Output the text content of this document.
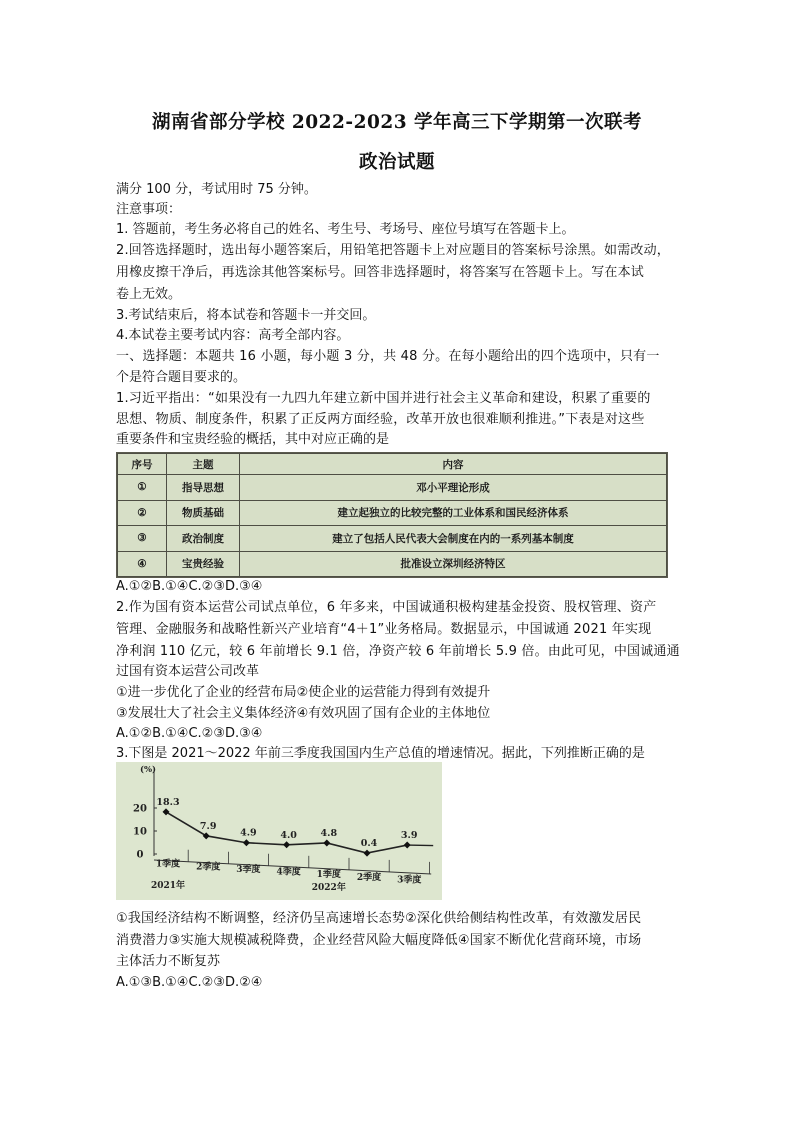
湖南省部分学校 2022-2023 学年高三下学期第一次联考
政治试题
满分 100 分，考试用时 75 分钟。
注意事项：
1. 答题前，考生务必将自己的姓名、考生号、考场号、座位号填写在答题卡上。
2.回答选择题时，选出每小题答案后，用铅笔把答题卡上对应题目的答案标号涂黑。如需改动，
用橡皮擦干净后，再选涂其他答案标号。回答非选择题时，将答案写在答题卡上。写在本试
卷上无效。
3.考试结束后，将本试卷和答题卡一并交回。
4.本试卷主要考试内容：高考全部内容。
一、选择题：本题共 16 小题，每小题 3 分，共 48 分。在每小题给出的四个选项中，只有一
个是符合题目要求的。
1.习近平指出：“如果没有一九四九年建立新中国并进行社会主义革命和建设，积累了重要的
思想、物质、制度条件，积累了正反两方面经验，改革开放也很难顺利推进。”下表是对这些
重要条件和宝贵经验的概括，其中对应正确的是
序号	主题	内容
①	指导思想	邓小平理论形成
②	物质基础	建立起独立的比较完整的工业体系和国民经济体系
③	政治制度	建立了包括人民代表大会制度在内的一系列基本制度
④	宝贵经验	批准设立深圳经济特区
A.①②B.①④C.②③D.③④
2.作为国有资本运营公司试点单位，6 年多来，中国诚通积极构建基金投资、股权管理、资产
管理、金融服务和战略性新兴产业培育“4＋1”业务格局。数据显示，中国诚通 2021 年实现
净利润 110 亿元，较 6 年前增长 9.1 倍，净资产较 6 年前增长 5.9 倍。由此可见，中国诚通通
过国有资本运营公司改革
①进一步优化了企业的经营布局②使企业的运营能力得到有效提升
③发展壮大了社会主义集体经济④有效巩固了国有企业的主体地位
A.①②B.①④C.②③D.③④
3.下图是 2021～2022 年前三季度我国国内生产总值的增速情况。据此，下列推断正确的是
(%)
20
10
0
18.3
7.9
4.9 4.0 4.8
0.4
3.9
1季度 2季度 3季度 4季度 1季度 2季度 3季度
2021年	2022年
①我国经济结构不断调整，经济仍呈高速增长态势②深化供给侧结构性改革，有效激发居民
消费潜力③实施大规模减税降费，企业经营风险大幅度降低④国家不断优化营商环境，市场
主体活力不断复苏
A.①③B.①④C.②③D.②④
